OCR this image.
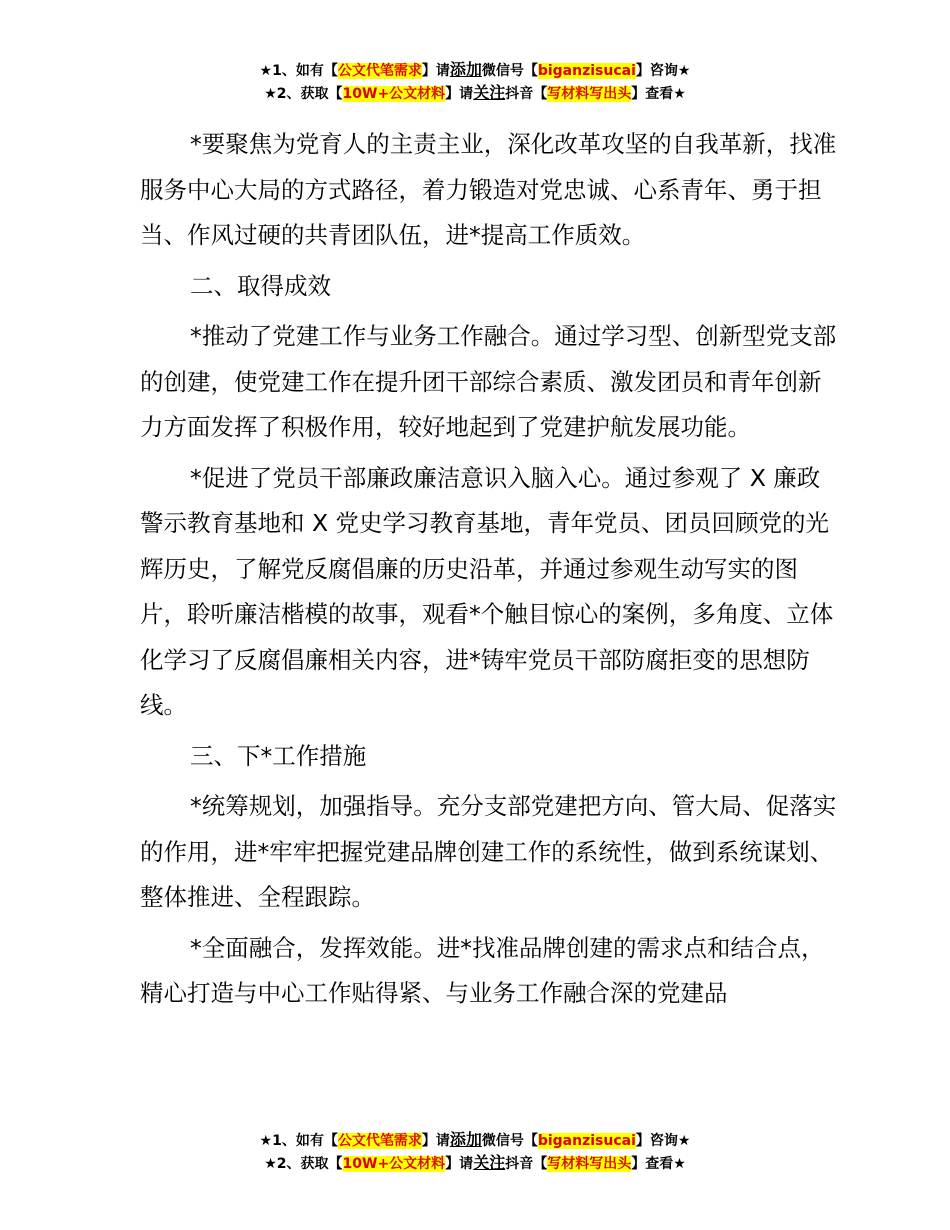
★1、如有【公文代笔需求】请添加微信号【biganzisucai】咨询★
★2、获取【10W+公文材料】请关注抖音【写材料写出头】查看★

*要聚焦为党育人的主责主业，深化改革攻坚的自我革新，找准服务中心大局的方式路径，着力锻造对党忠诚、心系青年、勇于担当、作风过硬的共青团队伍，进*提高工作质效。

二、取得成效

*推动了党建工作与业务工作融合。通过学习型、创新型党支部的创建，使党建工作在提升团干部综合素质、激发团员和青年创新力方面发挥了积极作用，较好地起到了党建护航发展功能。

*促进了党员干部廉政廉洁意识入脑入心。通过参观了 X 廉政警示教育基地和 X 党史学习教育基地，青年党员、团员回顾党的光辉历史，了解党反腐倡廉的历史沿革，并通过参观生动写实的图片，聆听廉洁楷模的故事，观看*个触目惊心的案例，多角度、立体化学习了反腐倡廉相关内容，进*铸牢党员干部防腐拒变的思想防线。

三、下*工作措施

*统筹规划，加强指导。充分支部党建把方向、管大局、促落实的作用，进*牢牢把握党建品牌创建工作的系统性，做到系统谋划、整体推进、全程跟踪。

*全面融合，发挥效能。进*找准品牌创建的需求点和结合点，精心打造与中心工作贴得紧、与业务工作融合深的党建品

★1、如有【公文代笔需求】请添加微信号【biganzisucai】咨询★
★2、获取【10W+公文材料】请关注抖音【写材料写出头】查看★
